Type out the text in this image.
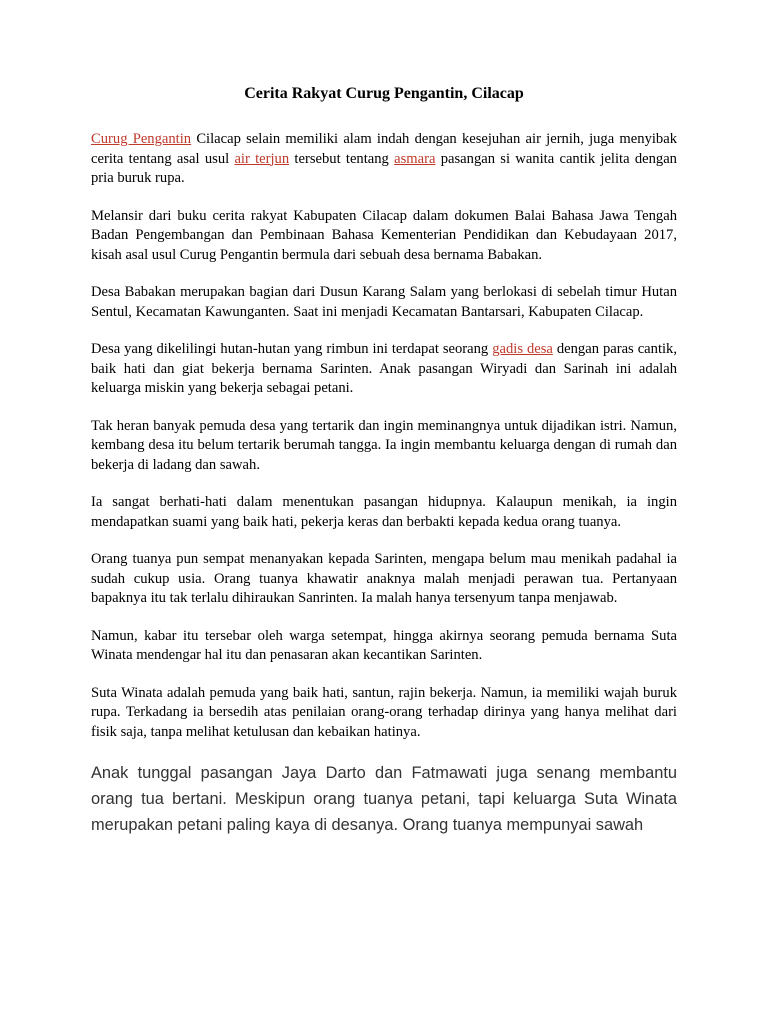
Cerita Rakyat Curug Pengantin, Cilacap

Curug Pengantin Cilacap selain memiliki alam indah dengan kesejuhan air jernih, juga menyibak cerita tentang asal usul air terjun tersebut tentang asmara pasangan si wanita cantik jelita dengan pria buruk rupa.

Melansir dari buku cerita rakyat Kabupaten Cilacap dalam dokumen Balai Bahasa Jawa Tengah Badan Pengembangan dan Pembinaan Bahasa Kementerian Pendidikan dan Kebudayaan 2017, kisah asal usul Curug Pengantin bermula dari sebuah desa bernama Babakan.

Desa Babakan merupakan bagian dari Dusun Karang Salam yang berlokasi di sebelah timur Hutan Sentul, Kecamatan Kawunganten. Saat ini menjadi Kecamatan Bantarsari, Kabupaten Cilacap.

Desa yang dikelilingi hutan-hutan yang rimbun ini terdapat seorang gadis desa dengan paras cantik, baik hati dan giat bekerja bernama Sarinten. Anak pasangan Wiryadi dan Sarinah ini adalah keluarga miskin yang bekerja sebagai petani.

Tak heran banyak pemuda desa yang tertarik dan ingin meminangnya untuk dijadikan istri. Namun, kembang desa itu belum tertarik berumah tangga. Ia ingin membantu keluarga dengan di rumah dan bekerja di ladang dan sawah.

Ia sangat berhati-hati dalam menentukan pasangan hidupnya. Kalaupun menikah, ia ingin mendapatkan suami yang baik hati, pekerja keras dan berbakti kepada kedua orang tuanya.

Orang tuanya pun sempat menanyakan kepada Sarinten, mengapa belum mau menikah padahal ia sudah cukup usia. Orang tuanya khawatir anaknya malah menjadi perawan tua. Pertanyaan bapaknya itu tak terlalu dihiraukan Sanrinten. Ia malah hanya tersenyum tanpa menjawab.

Namun, kabar itu tersebar oleh warga setempat, hingga akirnya seorang pemuda bernama Suta Winata mendengar hal itu dan penasaran akan kecantikan Sarinten.

Suta Winata adalah pemuda yang baik hati, santun, rajin bekerja. Namun, ia memiliki wajah buruk rupa. Terkadang ia bersedih atas penilaian orang-orang terhadap dirinya yang hanya melihat dari fisik saja, tanpa melihat ketulusan dan kebaikan hatinya.

Anak tunggal pasangan Jaya Darto dan Fatmawati juga senang membantu orang tua bertani. Meskipun orang tuanya petani, tapi keluarga Suta Winata merupakan petani paling kaya di desanya. Orang tuanya mempunyai sawah
